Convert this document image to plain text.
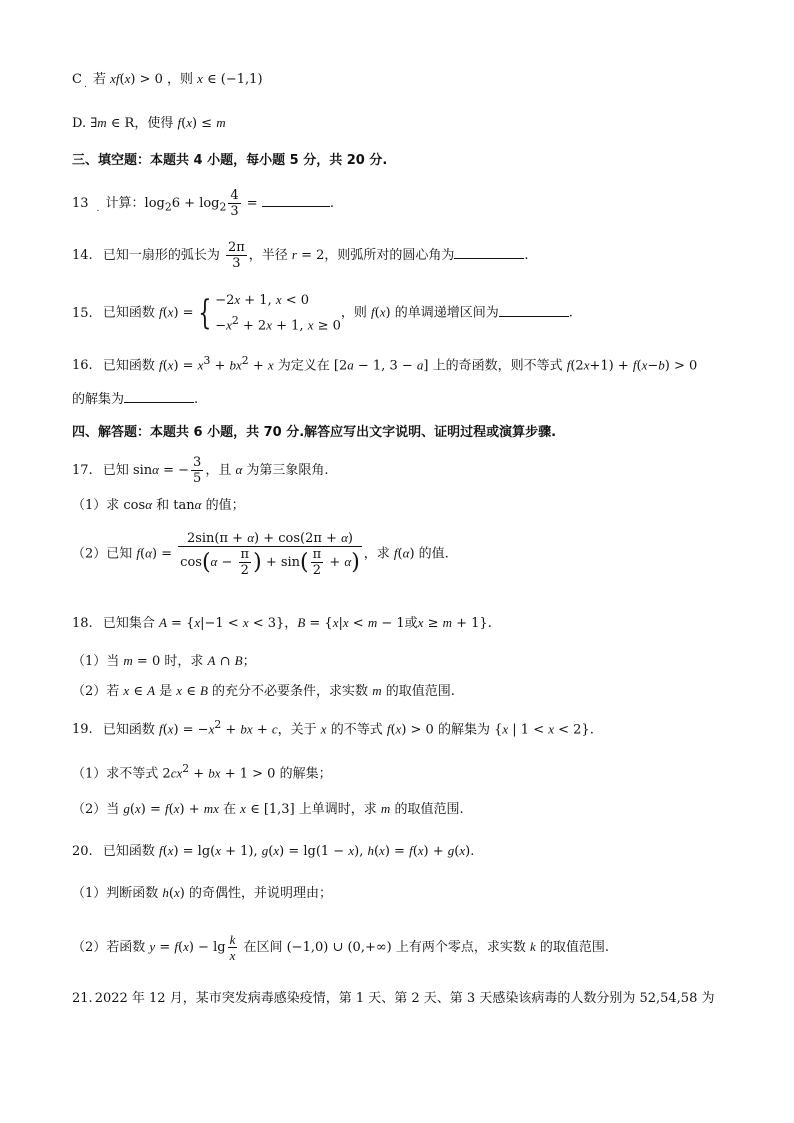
C $_.$ 若 xf(x) > 0 ，则 x ∈ (−1,1)
D. ∃m ∈ R，使得 f(x) ≤ m
三、填空题：本题共 4 小题，每小题 5 分，共 20 分.
13 $_.$ 计算：$\log_26 + \log_2 \frac{4}{3}$ =	.
14. 已知一扇形的弧长为 $\frac{2\pi}{3}$ ，半径 r = 2，则弧所对的圆心角为	.
15. 已知函数 f(x) = { −2x + 1, x < 0
$-x^2 + 2x + 1$, x ≥ 0
，则 f(x) 的单调递增区间为	.
16. 已知函数 $f(x) = x^3 + bx^2 + x$ 为定义在 [2a − 1, 3 − a] 上的奇函数，则不等式 f(2x+1) + f(x−b) > 0
的解集为	.
四、解答题：本题共 6 小题，共 70 分.解答应写出文字说明、证明过程或演算步骤.
17. 已知 sinα = − $\frac{3}{5}$ ，且 α 为第三象限角.
（1）求 cosα 和 tanα 的值；
（2）已知 $f(\alpha) = \frac{2\sin(\pi + \alpha) + \cos(2\pi + \alpha)}{\cos(\alpha - \frac{\pi}{2} ) + \sin( \frac{\pi}{2} + \alpha)}$ ，求 f(α) 的值.
18. 已知集合 A = {x|−1 < x < 3}，B = {x|x < m − 1或x ≥ m + 1}.
（1）当 m = 0 时，求 A ∩ B；
（2）若 x ∈ A 是 x ∈ B 的充分不必要条件，求实数 m 的取值范围.
19. 已知函数 $f(x) = -x^2$ + bx + c，关于 x 的不等式 f(x) > 0 的解集为 {x | 1 < x < 2}.
（1）求不等式 $2cx^2$ + bx + 1 > 0 的解集；
（2）当 g(x) = f(x) + mx 在 x ∈ [1,3] 上单调时，求 m 的取值范围.
20. 已知函数 f(x) = lg(x + 1), g(x) = lg(1 − x), h(x) = f(x) + g(x).
（1）判断函数 h(x) 的奇偶性，并说明理由；
（2）若函数 $y = f(x) - \lg \frac{k}{x}$ 在区间 (−1,0) ∪ (0,+∞) 上有两个零点，求实数 k 的取值范围.
21. 2022 年 12 月，某市突发病毒感染疫情，第 1 天、第 2 天、第 3 天感染该病毒的人数分别为 52,54,58 为
